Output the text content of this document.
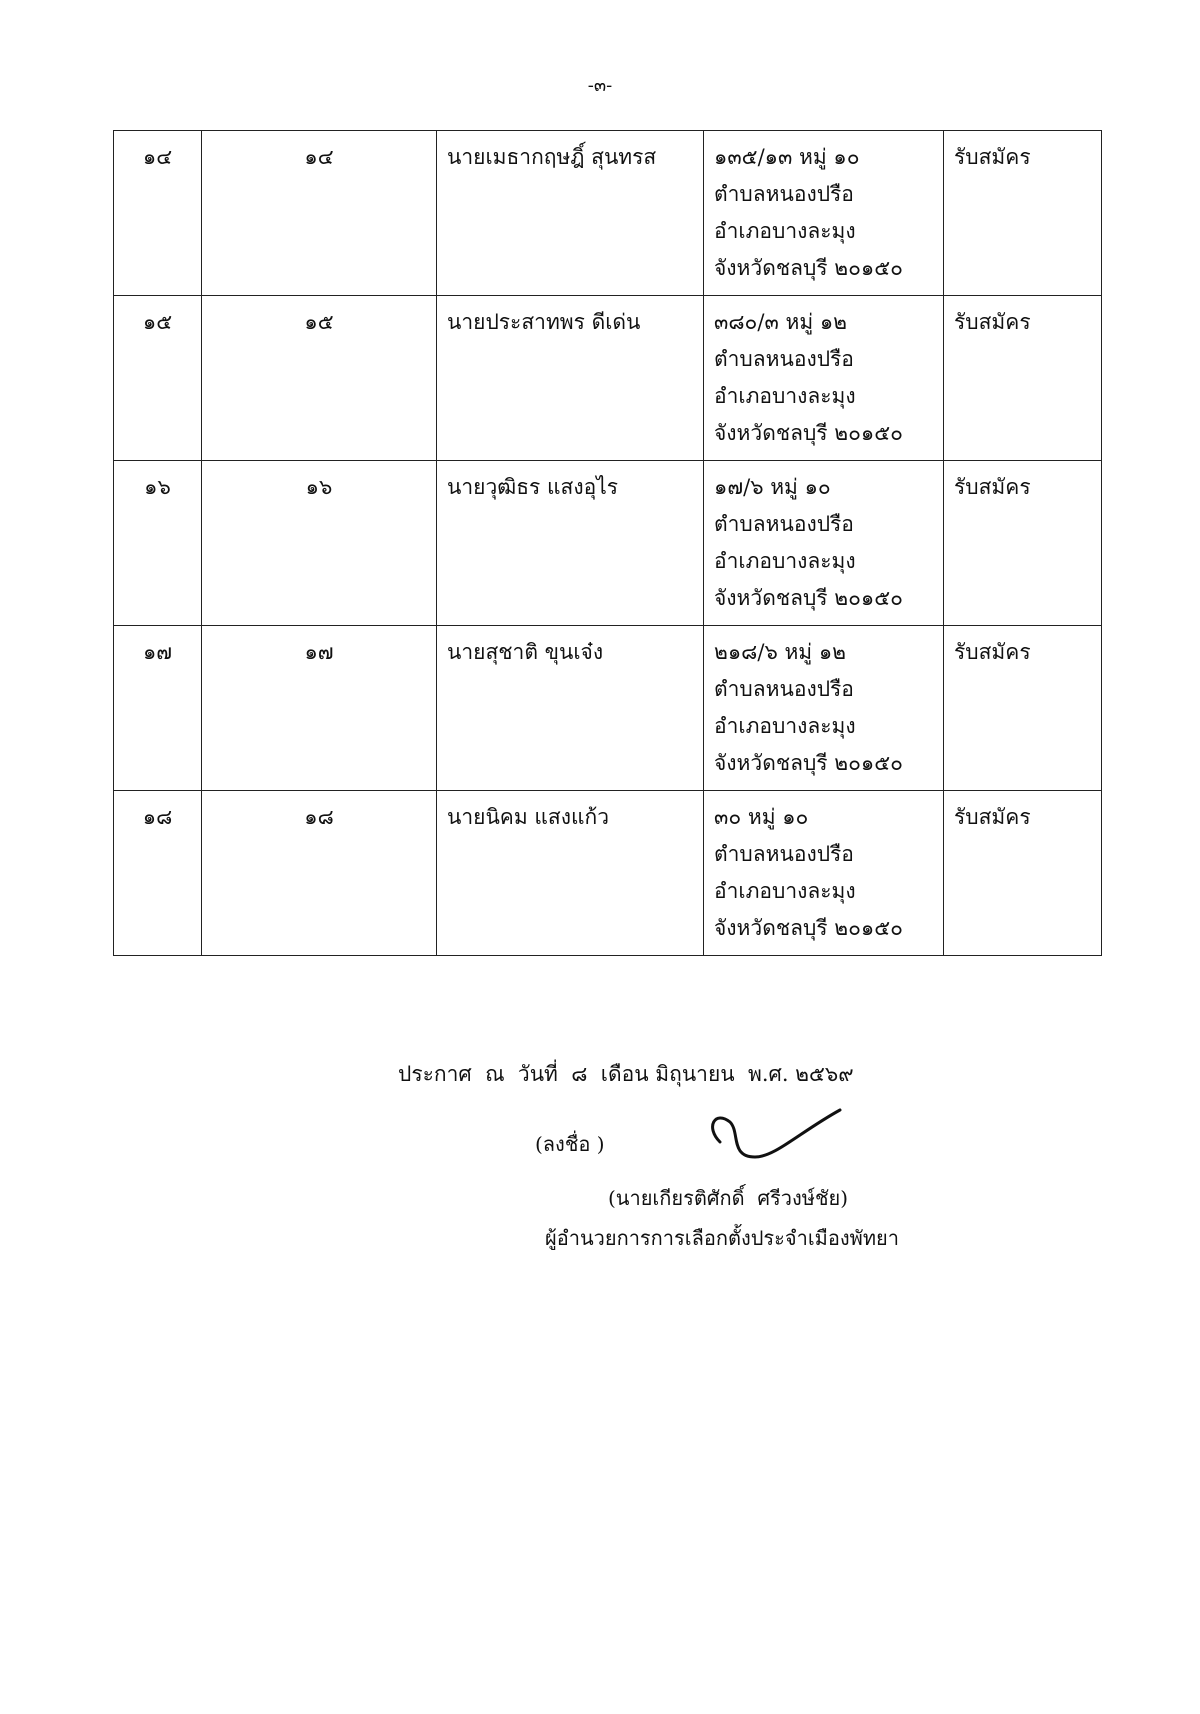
-๓-
๑๔	๑๔	นายเมธากฤษฎิ์ สุนทรส	๑๓๕/๑๓ หมู่ ๑๐
ตำบลหนองปรือ
อำเภอบางละมุง
จังหวัดชลบุรี ๒๐๑๕๐	รับสมัคร
๑๕	๑๕	นายประสาทพร ดีเด่น	๓๘๐/๓ หมู่ ๑๒
ตำบลหนองปรือ
อำเภอบางละมุง
จังหวัดชลบุรี ๒๐๑๕๐	รับสมัคร
๑๖	๑๖	นายวุฒิธร แสงอุไร	๑๗/๖ หมู่ ๑๐
ตำบลหนองปรือ
อำเภอบางละมุง
จังหวัดชลบุรี ๒๐๑๕๐	รับสมัคร
๑๗	๑๗	นายสุชาติ ขุนเจ๋ง	๒๑๘/๖ หมู่ ๑๒
ตำบลหนองปรือ
อำเภอบางละมุง
จังหวัดชลบุรี ๒๐๑๕๐	รับสมัคร
๑๘	๑๘	นายนิคม แสงแก้ว	๓๐ หมู่ ๑๐
ตำบลหนองปรือ
อำเภอบางละมุง
จังหวัดชลบุรี ๒๐๑๕๐	รับสมัคร
ประกาศ  ณ  วันที่  ๘  เดือน มิถุนายน  พ.ศ. ๒๕๖๙
(ลงชื่อ )
(นายเกียรติศักดิ์  ศรีวงษ์ชัย)
ผู้อำนวยการการเลือกตั้งประจำเมืองพัทยา
